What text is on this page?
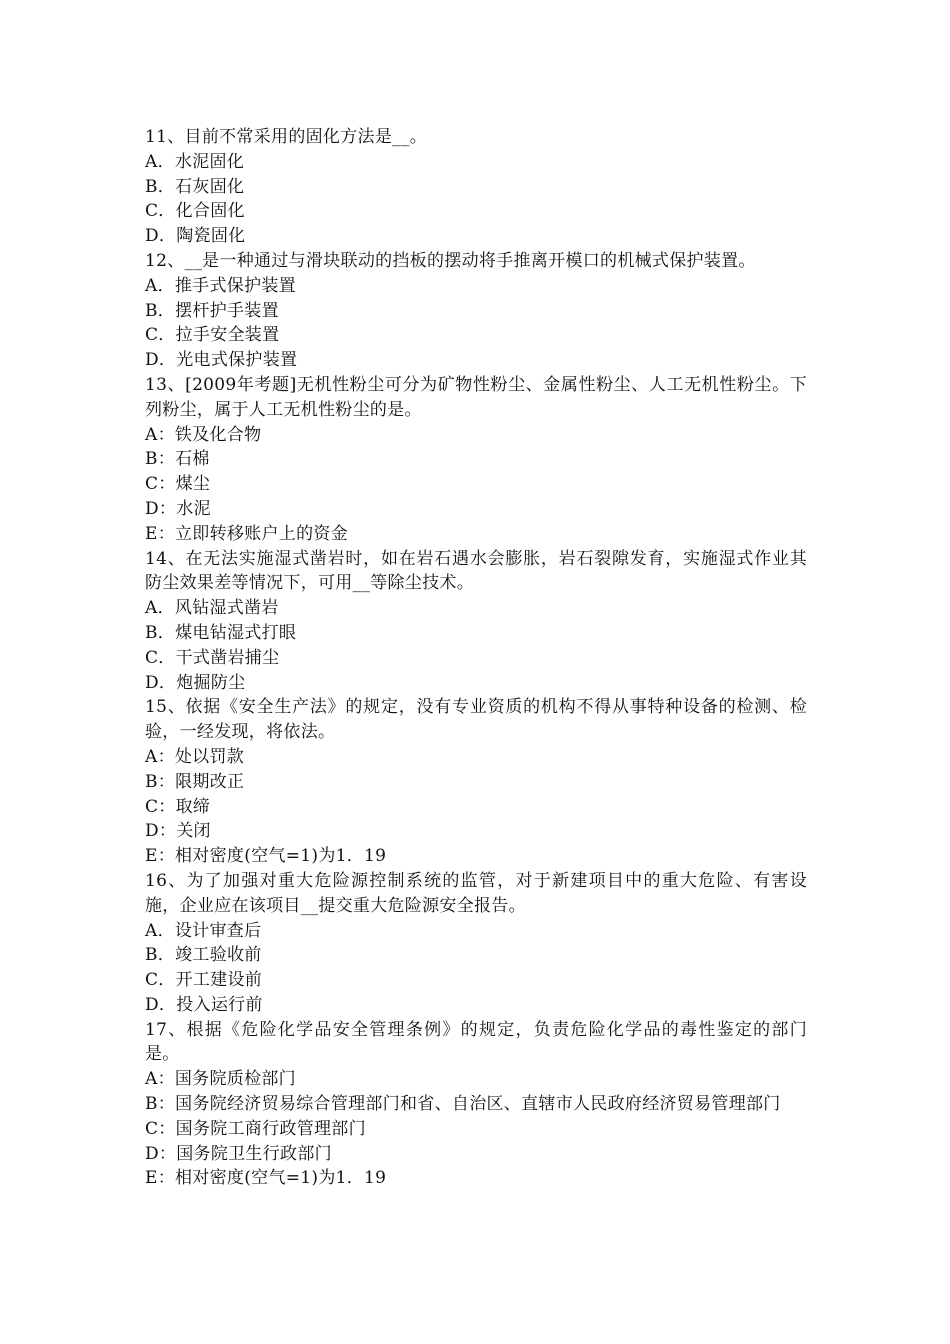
11、目前不常采用的固化方法是__。
A．水泥固化
B．石灰固化
C．化合固化
D．陶瓷固化
12、__是一种通过与滑块联动的挡板的摆动将手推离开模口的机械式保护装置。
A．推手式保护装置
B．摆杆护手装置
C．拉手安全装置
D．光电式保护装置
13、[2009年考题]无机性粉尘可分为矿物性粉尘、金属性粉尘、人工无机性粉尘。下列粉尘，属于人工无机性粉尘的是。
A：铁及化合物
B：石棉
C：煤尘
D：水泥
E：立即转移账户上的资金
14、在无法实施湿式凿岩时，如在岩石遇水会膨胀，岩石裂隙发育，实施湿式作业其防尘效果差等情况下，可用__等除尘技术。
A．风钻湿式凿岩
B．煤电钻湿式打眼
C．干式凿岩捕尘
D．炮掘防尘
15、依据《安全生产法》的规定，没有专业资质的机构不得从事特种设备的检测、检验，一经发现，将依法。
A：处以罚款
B：限期改正
C：取缔
D：关闭
E：相对密度(空气=1)为1．19
16、为了加强对重大危险源控制系统的监管，对于新建项目中的重大危险、有害设施，企业应在该项目__提交重大危险源安全报告。
A．设计审查后
B．竣工验收前
C．开工建设前
D．投入运行前
17、根据《危险化学品安全管理条例》的规定，负责危险化学品的毒性鉴定的部门是。
A：国务院质检部门
B：国务院经济贸易综合管理部门和省、自治区、直辖市人民政府经济贸易管理部门
C：国务院工商行政管理部门
D：国务院卫生行政部门
E：相对密度(空气=1)为1．19
